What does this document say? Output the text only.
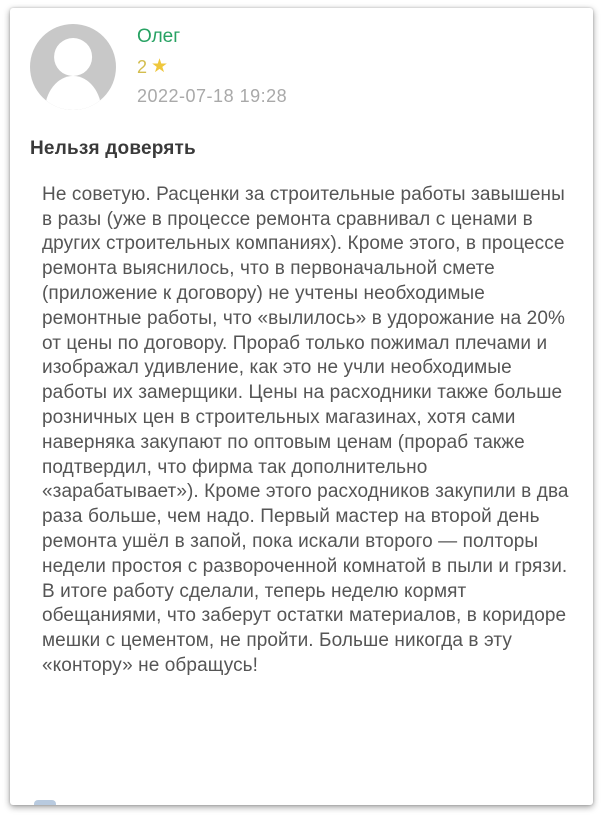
Олег
2 ★
2022-07-18 19:28
Нельзя доверять

Не советую. Расценки за строительные работы завышены в разы (уже в процессе ремонта сравнивал с ценами в других строительных компаниях). Кроме этого, в процессе ремонта выяснилось, что в первоначальной смете (приложение к договору) не учтены необходимые ремонтные работы, что «вылилось» в удорожание на 20% от цены по договору. Прораб только пожимал плечами и изображал удивление, как это не учли необходимые работы их замерщики. Цены на расходники также больше розничных цен в строительных магазинах, хотя сами наверняка закупают по оптовым ценам (прораб также подтвердил, что фирма так дополнительно «зарабатывает»). Кроме этого расходников закупили в два раза больше, чем надо. Первый мастер на второй день ремонта ушёл в запой, пока искали второго — полторы недели простоя с развороченной комнатой в пыли и грязи. В итоге работу сделали, теперь неделю кормят обещаниями, что заберут остатки материалов, в коридоре мешки с цементом, не пройти. Больше никогда в эту «контору» не обращусь!
